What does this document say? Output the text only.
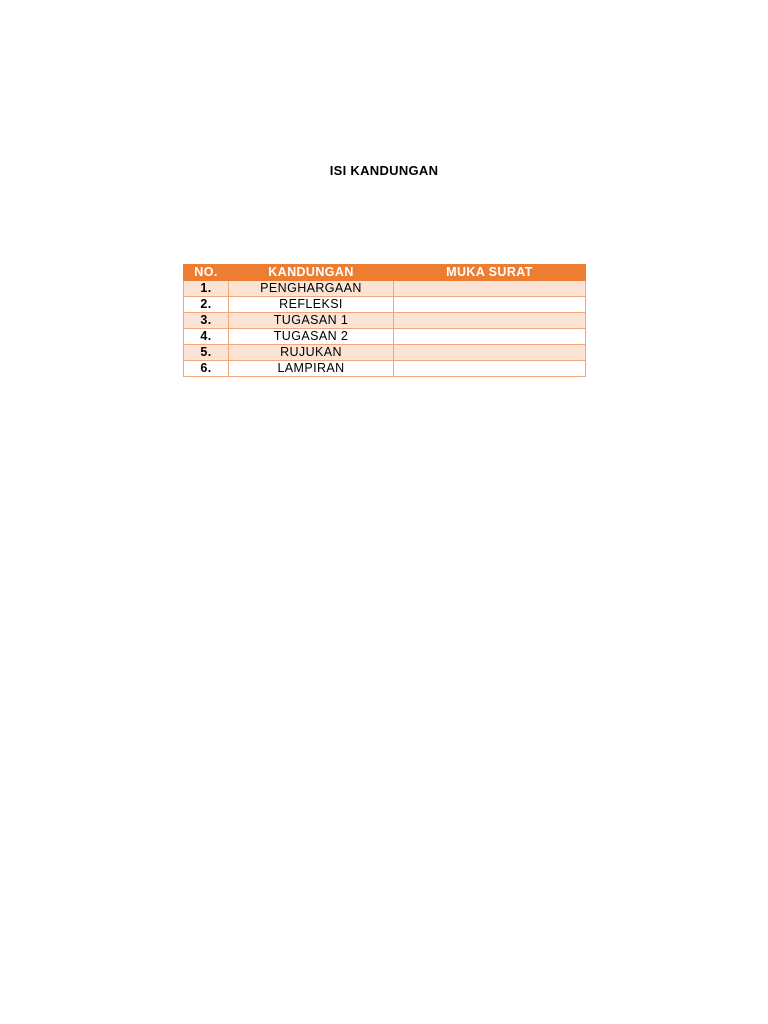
ISI KANDUNGAN
NO.	KANDUNGAN	MUKA SURAT
1.	PENGHARGAAN	
2.	REFLEKSI	
3.	TUGASAN 1	
4.	TUGASAN 2	
5.	RUJUKAN	
6.	LAMPIRAN	
